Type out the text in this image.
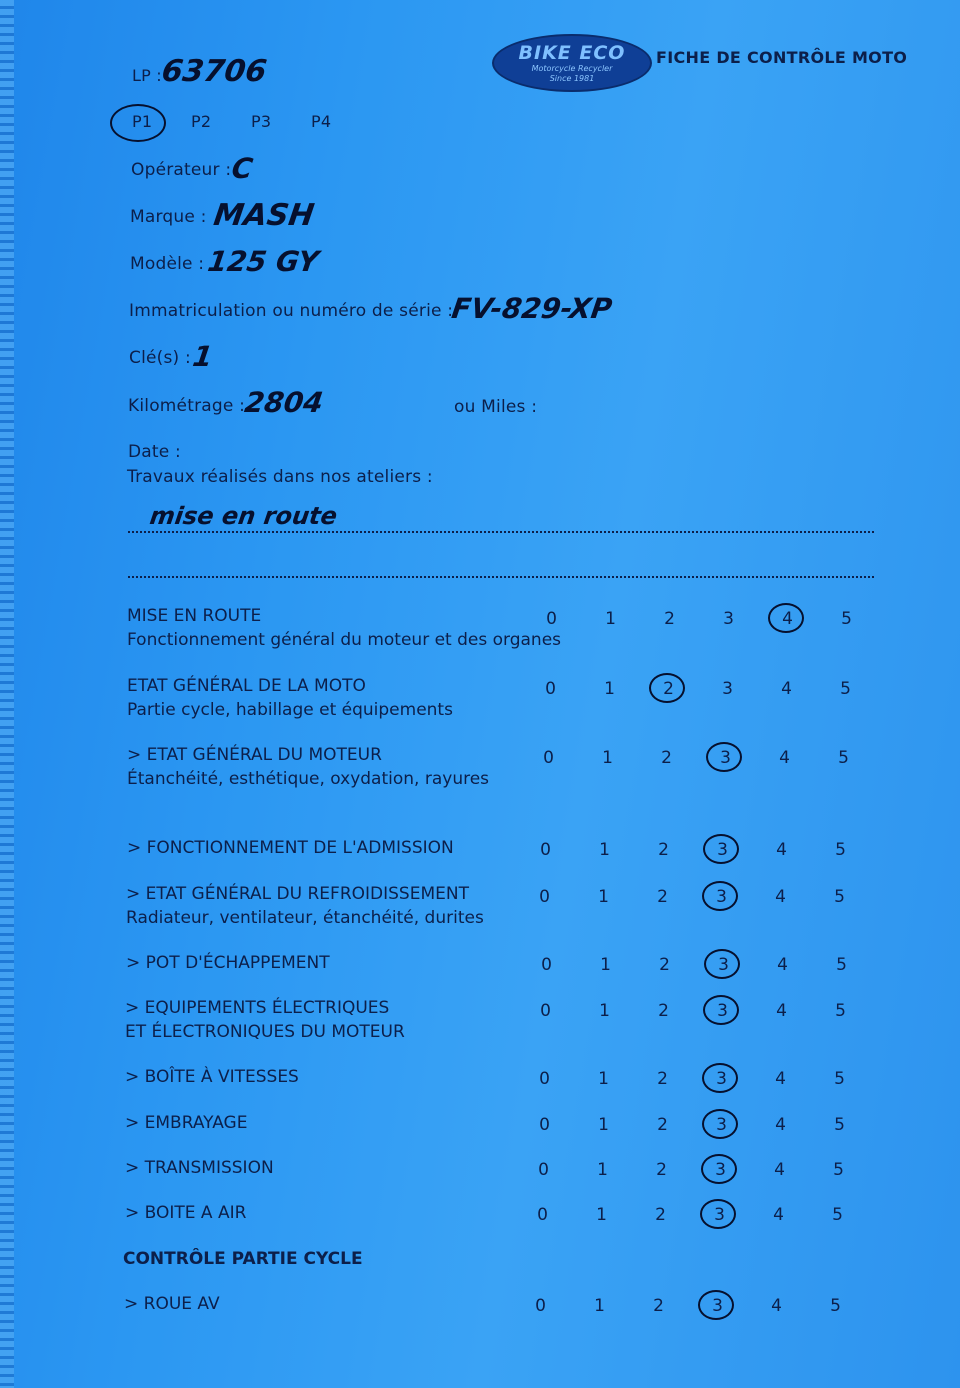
LP :
63706
BIKE ECO
Motorcycle Recycler
Since 1981
FICHE DE CONTRÔLE MOTO
P1 P2 P3 P4
Opérateur :
C
Marque : MASH
Modèle : 125 GY
Immatriculation ou numéro de série :
FV-829-XP
Clé(s) : 1
Kilométrage :
2804	ou Miles :
Date :
Travaux réalisés dans nos ateliers :
mise en route
MISE EN ROUTE
Fonctionnement général du moteur et des organes
0	1	2	3	4	5
ETAT GÉNÉRAL DE LA MOTO
Partie cycle, habillage et équipements
0	1	2	3	4	5
> ETAT GÉNÉRAL DU MOTEUR
Étanchéité, esthétique, oxydation, rayures
0	1	2	3	4	5
> FONCTIONNEMENT DE L'ADMISSION	0	1	2	3	4	5
> ETAT GÉNÉRAL DU REFROIDISSEMENT
Radiateur, ventilateur, étanchéité, durites
0	1	2	3	4	5
> POT D'ÉCHAPPEMENT	0	1	2	3	4	5
> EQUIPEMENTS ÉLECTRIQUES
ET ÉLECTRONIQUES DU MOTEUR
0	1	2	3	4	5
> BOÎTE À VITESSES	0	1	2	3	4	5
> EMBRAYAGE	0	1	2	3	4	5
> TRANSMISSION	0	1	2	3	4	5
> BOITE A AIR	0	1	2	3	4	5
CONTRÔLE PARTIE CYCLE
> ROUE AV	0	1	2	3	4	5
